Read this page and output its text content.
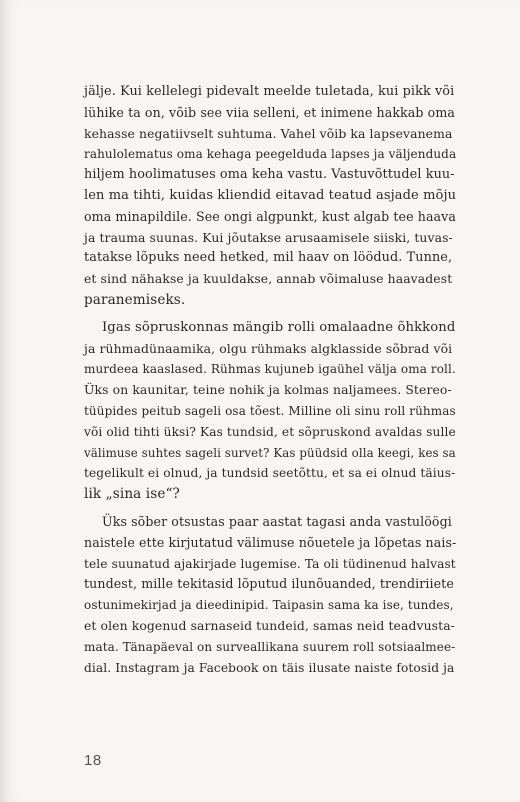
jälje. Kui kellelegi pidevalt meelde tuletada, kui pikk või
lühike ta on, võib see viia selleni, et inimene hakkab oma
kehasse negatiivselt suhtuma. Vahel võib ka lapsevanema
rahulolematus oma kehaga peegelduda lapses ja väljenduda
hiljem hoolimatuses oma keha vastu. Vastuvõttudel kuu-
len ma tihti, kuidas kliendid eitavad teatud asjade mõju
oma minapildile. See ongi algpunkt, kust algab tee haava
ja trauma suunas. Kui jõutakse arusaamisele siiski, tuvas-
tatakse lõpuks need hetked, mil haav on löödud. Tunne,
et sind nähakse ja kuuldakse, annab võimaluse haavadest
paranemiseks.
Igas sõpruskonnas mängib rolli omalaadne õhkkond
ja rühmadünaamika, olgu rühmaks algklasside sõbrad või
murdeea kaaslased. Rühmas kujuneb igaühel välja oma roll.
Üks on kaunitar, teine nohik ja kolmas naljamees. Stereo-
tüüpides peitub sageli osa tõest. Milline oli sinu roll rühmas
või olid tihti üksi? Kas tundsid, et sõpruskond avaldas sulle
välimuse suhtes sageli survet? Kas püüdsid olla keegi, kes sa
tegelikult ei olnud, ja tundsid seetõttu, et sa ei olnud täius-
lik „sina ise“?
Üks sõber otsustas paar aastat tagasi anda vastulöögi
naistele ette kirjutatud välimuse nõuetele ja lõpetas nais-
tele suunatud ajakirjade lugemise. Ta oli tüdinenud halvast
tundest, mille tekitasid lõputud ilunõuanded, trendiriiete
ostunimekirjad ja dieedinipid. Taipasin sama ka ise, tundes,
et olen kogenud sarnaseid tundeid, samas neid teadvusta-
mata. Tänapäeval on surveallikana suurem roll sotsiaalmee-
dial. Instagram ja Facebook on täis ilusate naiste fotosid ja
18
